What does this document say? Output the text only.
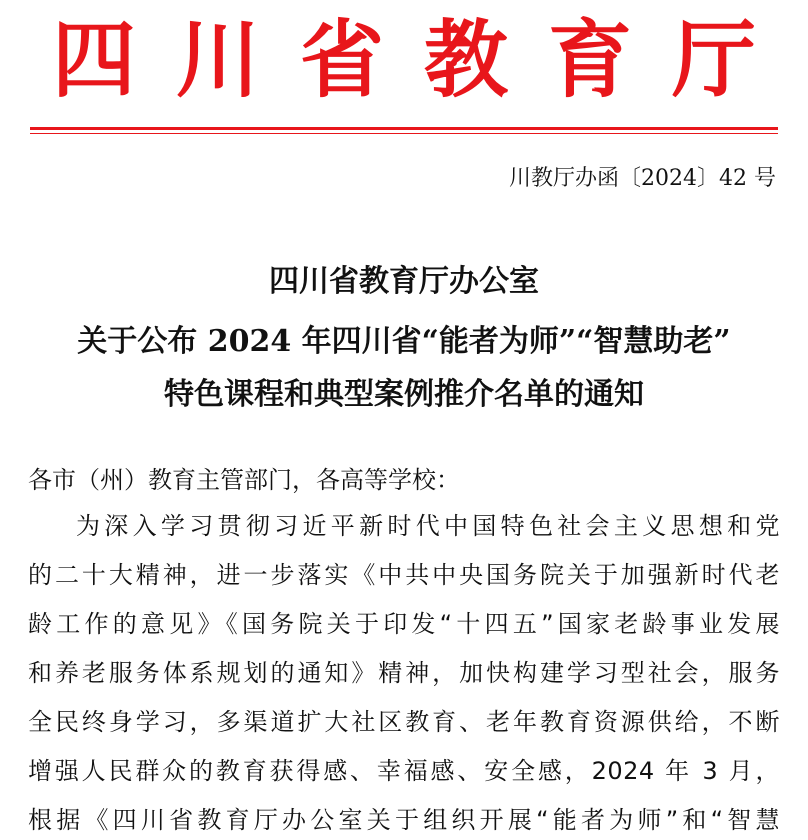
四川省教育厅
川教厅办函〔2024〕42 号
四川省教育厅办公室
关于公布 2024 年四川省“能者为师”“智慧助老”
特色课程和典型案例推介名单的通知
各市（州）教育主管部门，各高等学校：
为深入学习贯彻习近平新时代中国特色社会主义思想和党
的二十大精神，进一步落实《中共中央国务院关于加强新时代老
龄工作的意见》《国务院关于印发“十四五”国家老龄事业发展
和养老服务体系规划的通知》精神，加快构建学习型社会，服务
全民终身学习，多渠道扩大社区教育、老年教育资源供给，不断
增强人民群众的教育获得感、幸福感、安全感，2024 年 3 月，
根据《四川省教育厅办公室关于组织开展“能者为师”和“智慧
